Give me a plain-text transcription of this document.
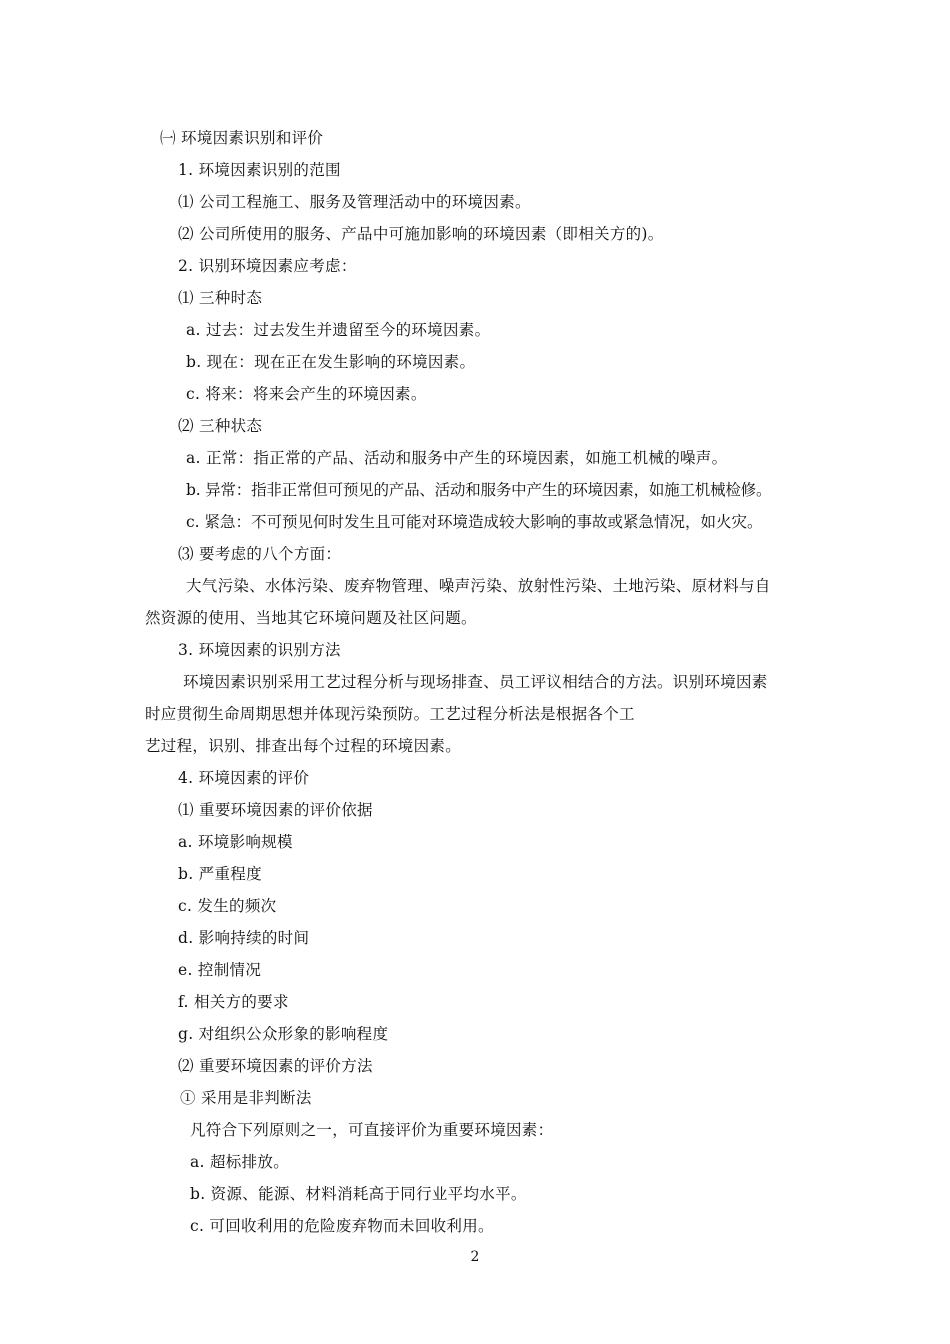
㈠ 环境因素识别和评价
1. 环境因素识别的范围
⑴ 公司工程施工、服务及管理活动中的环境因素。
⑵ 公司所使用的服务、产品中可施加影响的环境因素（即相关方的)。
2. 识别环境因素应考虑：
⑴ 三种时态
a. 过去：过去发生并遗留至今的环境因素。
b. 现在：现在正在发生影响的环境因素。
c. 将来：将来会产生的环境因素。
⑵ 三种状态
a. 正常：指正常的产品、活动和服务中产生的环境因素，如施工机械的噪声。
b. 异常：指非正常但可预见的产品、活动和服务中产生的环境因素，如施工机械检修。
c. 紧急：不可预见何时发生且可能对环境造成较大影响的事故或紧急情况，如火灾。
⑶ 要考虑的八个方面：
大气污染、水体污染、废弃物管理、噪声污染、放射性污染、土地污染、原材料与自
然资源的使用、当地其它环境问题及社区问题。
3. 环境因素的识别方法
环境因素识别采用工艺过程分析与现场排查、员工评议相结合的方法。识别环境因素
时应贯彻生命周期思想并体现污染预防。工艺过程分析法是根据各个工
艺过程，识别、排查出每个过程的环境因素。
4. 环境因素的评价
⑴ 重要环境因素的评价依据
a. 环境影响规模
b. 严重程度
c. 发生的频次
d. 影响持续的时间
e. 控制情况
f. 相关方的要求
g. 对组织公众形象的影响程度
⑵ 重要环境因素的评价方法
① 采用是非判断法
凡符合下列原则之一，可直接评价为重要环境因素：
a. 超标排放。
b. 资源、能源、材料消耗高于同行业平均水平。
c. 可回收利用的危险废弃物而未回收利用。
2
